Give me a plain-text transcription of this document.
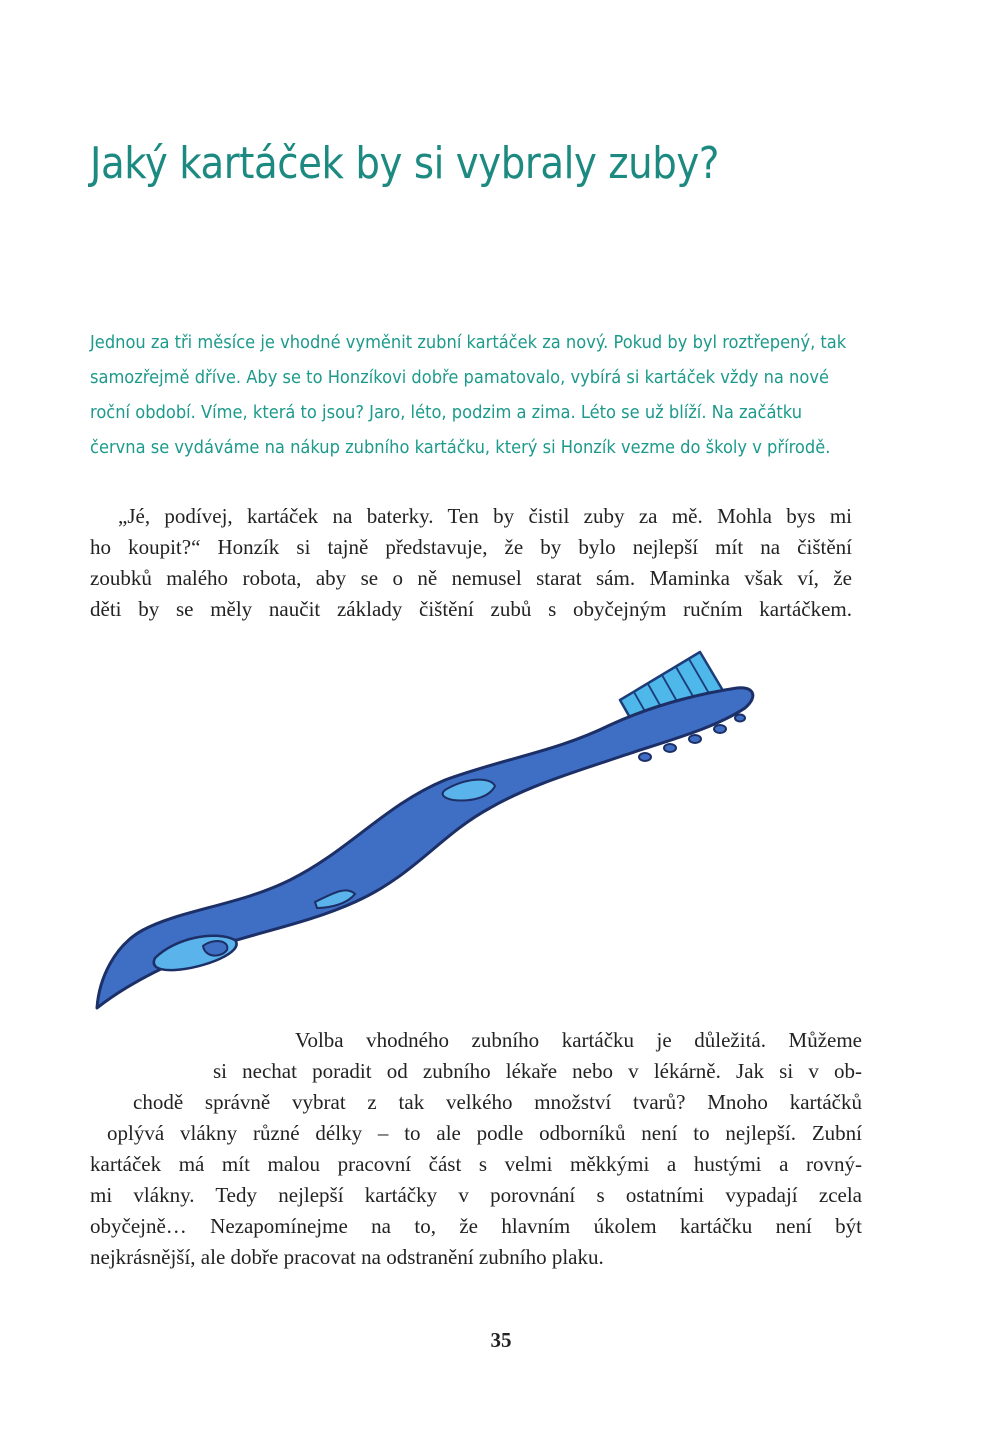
Jaký kartáček by si vybraly zuby?
Jednou za tři měsíce je vhodné vyměnit zubní kartáček za nový. Pokud by byl roztřepený, tak
samozřejmě dříve. Aby se to Honzíkovi dobře pamatovalo, vybírá si kartáček vždy na nové
roční období. Víme, která to jsou? Jaro, léto, podzim a zima. Léto se už blíží. Na začátku
června se vydáváme na nákup zubního kartáčku, který si Honzík vezme do školy v přírodě.
„Jé, podívej, kartáček na baterky. Ten by čistil zuby za mě. Mohla bys mi
ho koupit?“ Honzík si tajně představuje, že by bylo nejlepší mít na čištění
zoubků malého robota, aby se o ně nemusel starat sám. Maminka však ví, že
děti by se měly naučit základy čištění zubů s obyčejným ručním kartáčkem.
Volba vhodného zubního kartáčku je důležitá. Můžeme
si nechat poradit od zubního lékaře nebo v lékárně. Jak si v ob-
chodě správně vybrat z tak velkého množství tvarů? Mnoho kartáčků
oplývá vlákny různé délky – to ale podle odborníků není to nejlepší. Zubní
kartáček má mít malou pracovní část s velmi měkkými a hustými a rovný-
mi vlákny. Tedy nejlepší kartáčky v porovnání s ostatními vypadají zcela
obyčejně… Nezapomínejme na to, že hlavním úkolem kartáčku není být
nejkrásnější, ale dobře pracovat na odstranění zubního plaku.
35
